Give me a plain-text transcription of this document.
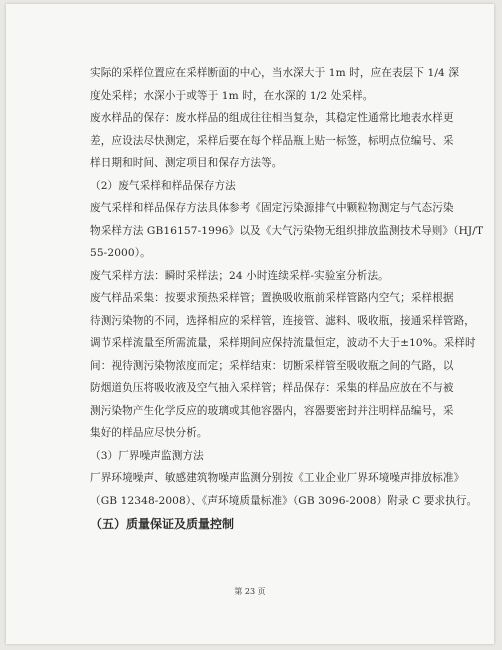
实际的采样位置应在采样断面的中心，当水深大于 1m 时，应在表层下 1/4 深

度处采样；水深小于或等于 1m 时，在水深的 1/2 处采样。

废水样品的保存：废水样品的组成往往相当复杂，其稳定性通常比地表水样更

差，应设法尽快测定，采样后要在每个样品瓶上贴一标签，标明点位编号、采

样日期和时间、测定项目和保存方法等。

（2）废气采样和样品保存方法

废气采样和样品保存方法具体参考《固定污染源排气中颗粒物测定与气态污染

物采样方法 GB16157-1996》以及《大气污染物无组织排放监测技术导则》（HJ/T

55-2000）。

废气采样方法：瞬时采样法；24 小时连续采样-实验室分析法。

废气样品采集：按要求预热采样管；置换吸收瓶前采样管路内空气；采样根据

待测污染物的不同，选择相应的采样管，连接管、滤料、吸收瓶，接通采样管路，

调节采样流量至所需流量，采样期间应保持流量恒定，波动不大于±10%。采样时

间：视待测污染物浓度而定；采样结束：切断采样管至吸收瓶之间的气路，以

防烟道负压将吸收液及空气抽入采样管；样品保存：采集的样品应放在不与被

测污染物产生化学反应的玻璃或其他容器内，容器要密封并注明样品编号，采

集好的样品应尽快分析。

（3）厂界噪声监测方法

厂界环境噪声、敏感建筑物噪声监测分别按《工业企业厂界环境噪声排放标准》

（GB 12348-2008）、《声环境质量标准》（GB 3096-2008）附录 C 要求执行。

（五）质量保证及质量控制

第 23 页
